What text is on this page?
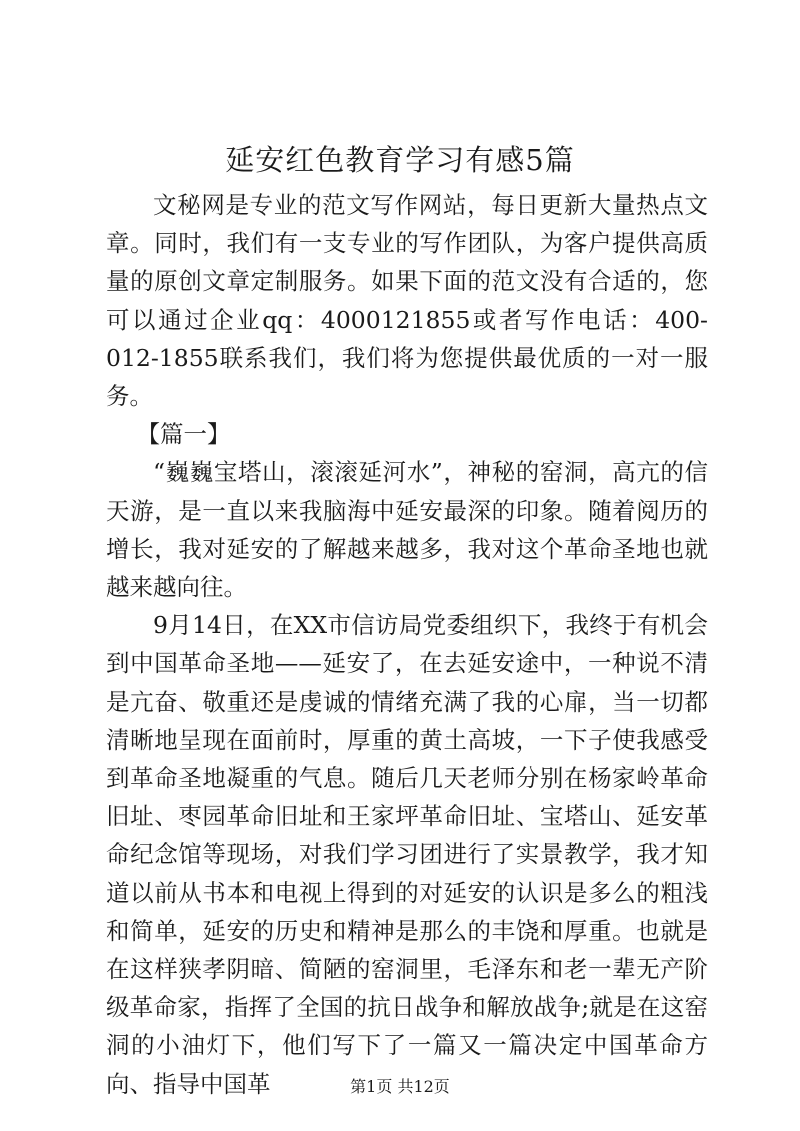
延安红色教育学习有感5篇

文秘网是专业的范文写作网站，每日更新大量热点文章。同时，我们有一支专业的写作团队，为客户提供高质量的原创文章定制服务。如果下面的范文没有合适的，您可以通过企业qq：4000121855或者写作电话：400-012-1855联系我们，我们将为您提供最优质的一对一服务。

【篇一】

“巍巍宝塔山，滚滚延河水”，神秘的窑洞，高亢的信天游，是一直以来我脑海中延安最深的印象。随着阅历的增长，我对延安的了解越来越多，我对这个革命圣地也就越来越向往。

9月14日，在XX市信访局党委组织下，我终于有机会到中国革命圣地——延安了，在去延安途中，一种说不清是亢奋、敬重还是虔诚的情绪充满了我的心扉，当一切都清晰地呈现在面前时，厚重的黄土高坡，一下子使我感受到革命圣地凝重的气息。随后几天老师分别在杨家岭革命旧址、枣园革命旧址和王家坪革命旧址、宝塔山、延安革命纪念馆等现场，对我们学习团进行了实景教学，我才知道以前从书本和电视上得到的对延安的认识是多么的粗浅和简单，延安的历史和精神是那么的丰饶和厚重。也就是在这样狭孝阴暗、简陋的窑洞里，毛泽东和老一辈无产阶级革命家，指挥了全国的抗日战争和解放战争;就是在这窑洞的小油灯下，他们写下了一篇又一篇决定中国革命方向、指导中国革	第1页 共12页
